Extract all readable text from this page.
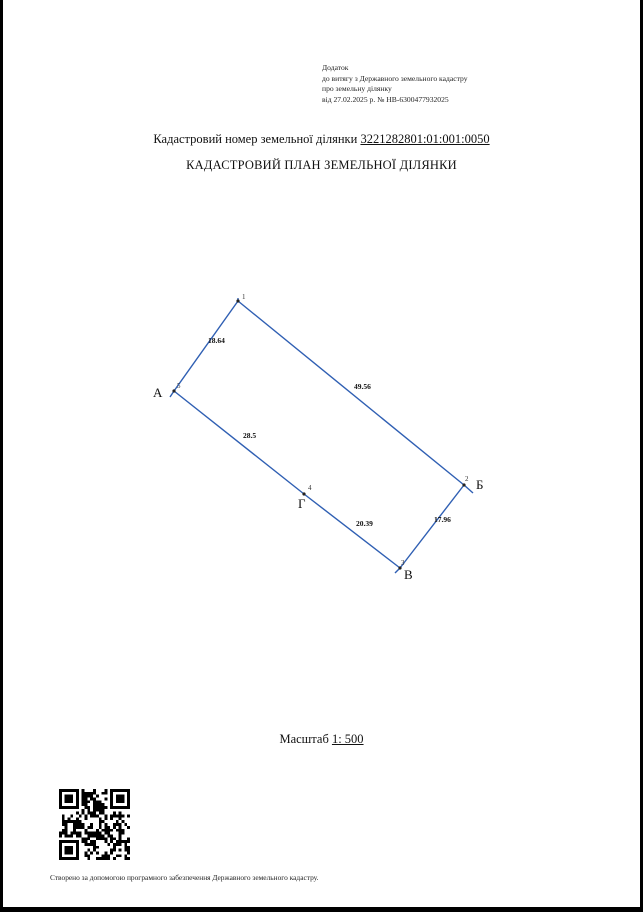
Додаток
до витягу з Державного земельного кадастру
про земельну ділянку
від 27.02.2025 р. № НВ-6300477932025
Кадастровий номер земельної ділянки 3221282801:01:001:0050
КАДАСТРОВИЙ ПЛАН ЗЕМЕЛЬНОЇ ДІЛЯНКИ
1
2
3
4
5
18.64
49.56
17.96
20.39
28.5
А
Б
В
Г
Масштаб 1: 500
Створено за допомогою програмного забезпечення Державного земельного кадастру.
